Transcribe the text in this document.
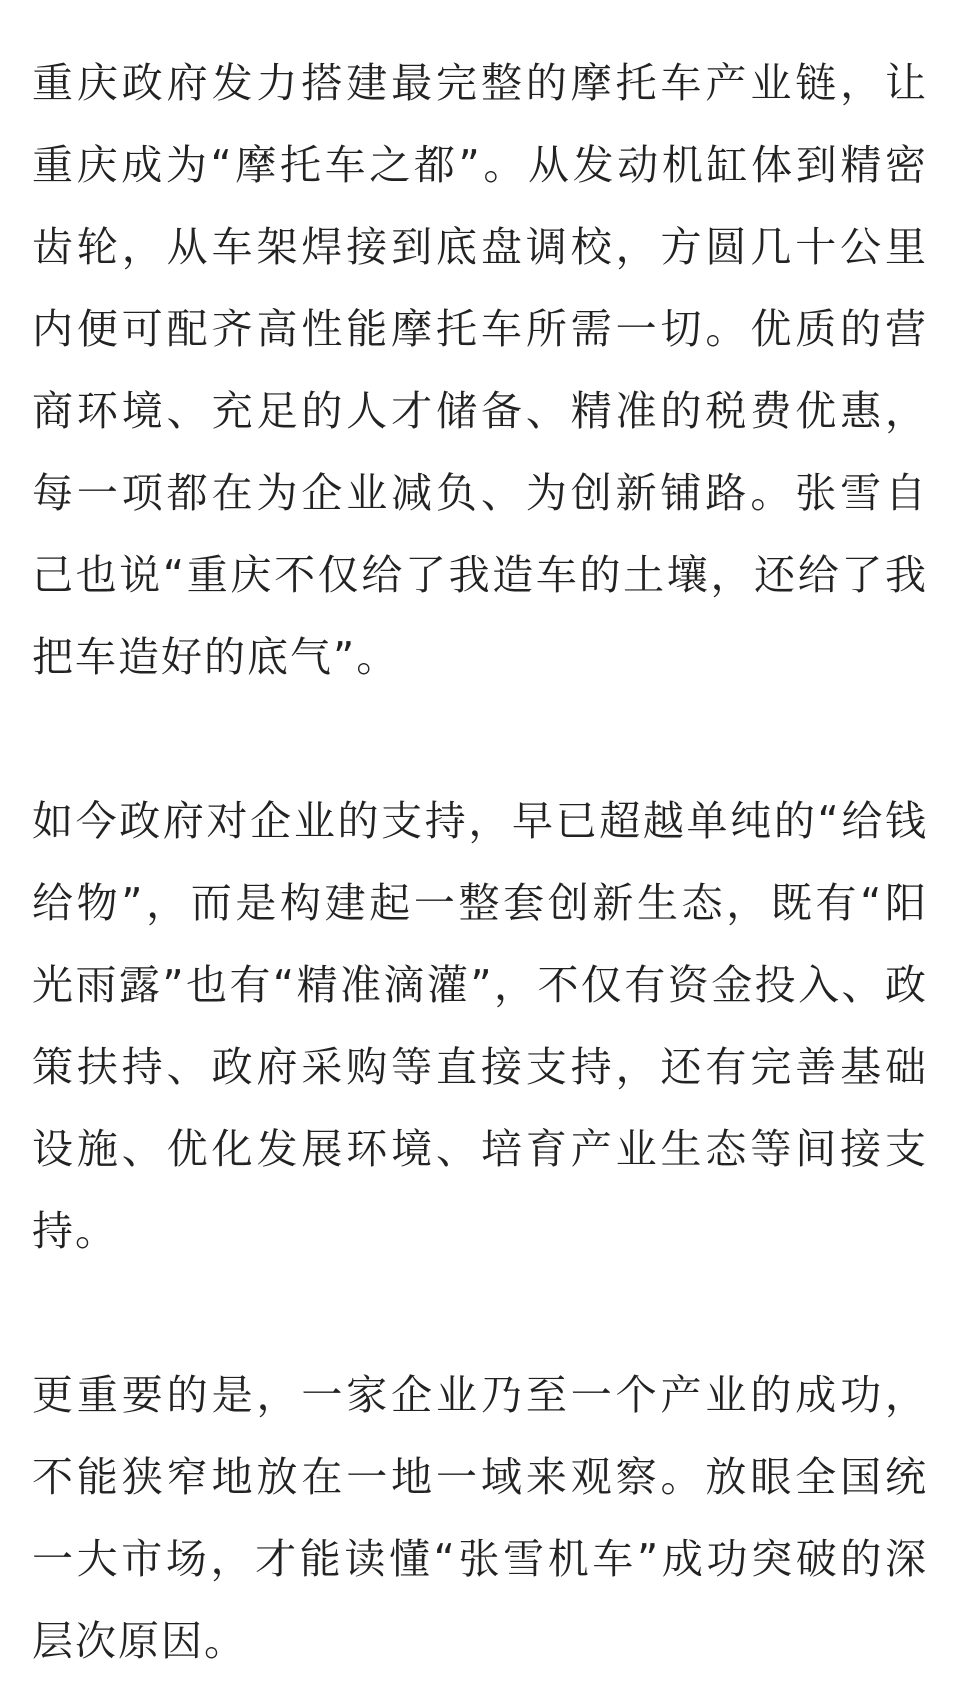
重庆政府发力搭建最完整的摩托车产业链，让重庆成为“摩托车之都”。从发动机缸体到精密齿轮，从车架焊接到底盘调校，方圆几十公里内便可配齐高性能摩托车所需一切。优质的营商环境、充足的人才储备、精准的税费优惠，每一项都在为企业减负、为创新铺路。张雪自己也说“重庆不仅给了我造车的土壤，还给了我把车造好的底气”。

如今政府对企业的支持，早已超越单纯的“给钱给物”，而是构建起一整套创新生态，既有“阳光雨露”也有“精准滴灌”，不仅有资金投入、政策扶持、政府采购等直接支持，还有完善基础设施、优化发展环境、培育产业生态等间接支持。

更重要的是，一家企业乃至一个产业的成功，不能狭窄地放在一地一域来观察。放眼全国统一大市场，才能读懂“张雪机车”成功突破的深层次原因。
